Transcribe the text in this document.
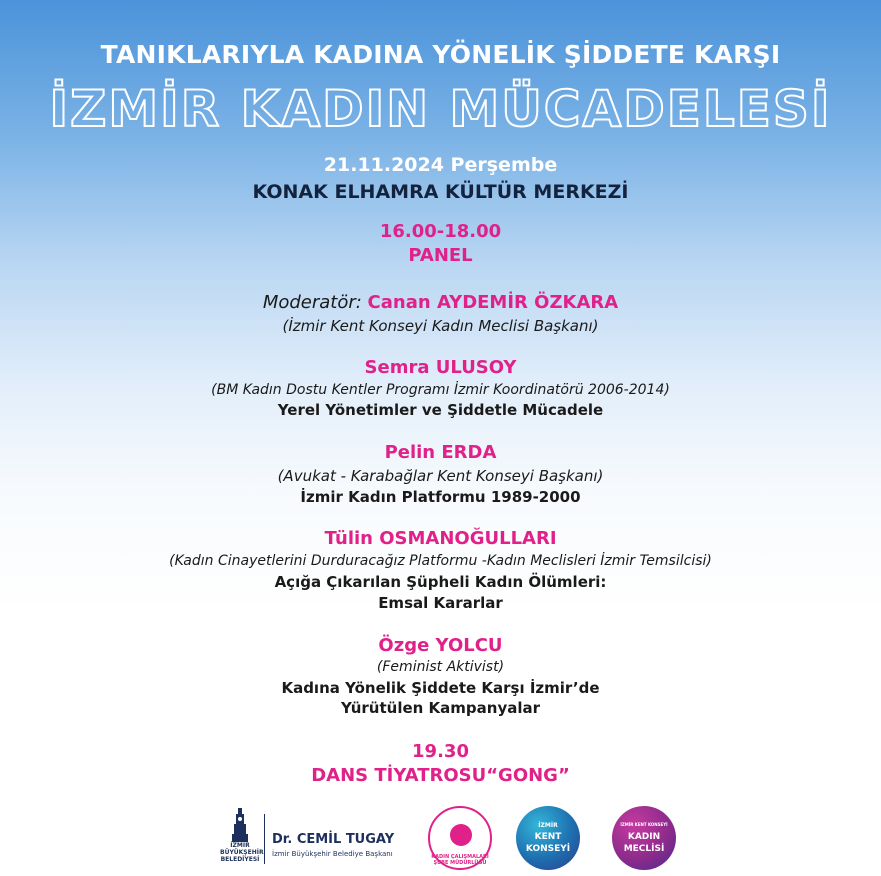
TANIKLARIYLA KADINA YÖNELİK ŞİDDETE KARŞI
İZMİR KADIN MÜCADELESİ
21.11.2024 Perşembe
KONAK ELHAMRA KÜLTÜR MERKEZİ
16.00-18.00
PANEL
Moderatör: Canan AYDEMİR ÖZKARA
(İzmir Kent Konseyi Kadın Meclisi Başkanı)
Semra ULUSOY
(BM Kadın Dostu Kentler Programı İzmir Koordinatörü 2006-2014)
Yerel Yönetimler ve Şiddetle Mücadele
Pelin ERDA
(Avukat - Karabağlar Kent Konseyi Başkanı)
İzmir Kadın Platformu 1989-2000
Tülin OSMANOĞULLARI
(Kadın Cinayetlerini Durduracağız Platformu -Kadın Meclisleri İzmir Temsilcisi)
Açığa Çıkarılan Şüpheli Kadın Ölümleri:
Emsal Kararlar
Özge YOLCU
(Feminist Aktivist)
Kadına Yönelik Şiddete Karşı İzmir’de
Yürütülen Kampanyalar
19.30
DANS TİYATROSU“GONG”
İZMİR
BÜYÜKŞEHİR
BELEDİYESİ
Dr. CEMİL TUGAY
İzmir Büyükşehir Belediye Başkanı	KADIN ÇALIŞMALARI ŞUBE MÜDÜRLÜĞÜ
İZMİR
KENT
KONSEYİ
İZMİR KENT KONSEYİ
KADIN
MECLİSİ
